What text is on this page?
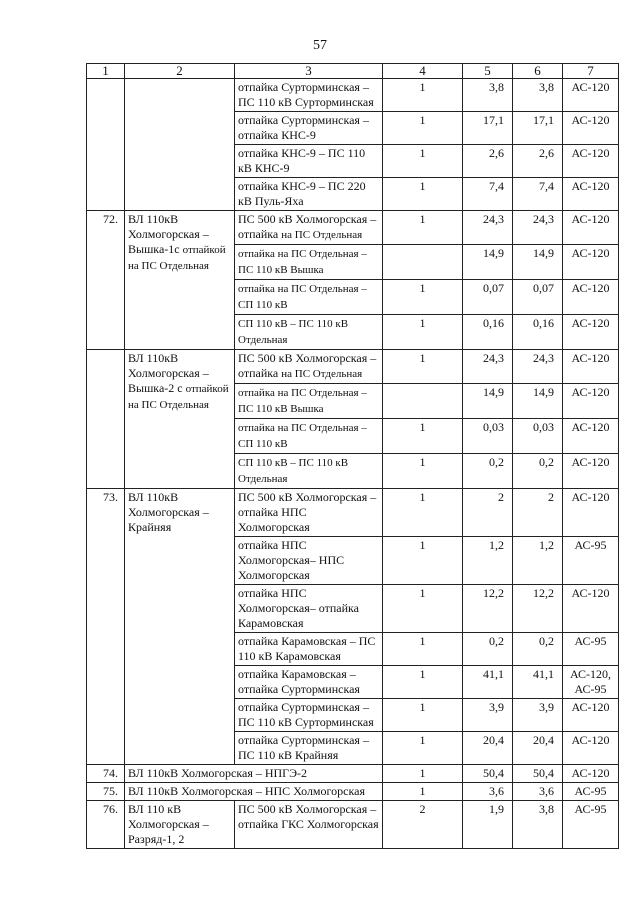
57
1	2	3	4	5	6	7
		отпайка Сурторминская – ПС 110 кВ Сурторминская	1	3,8	3,8	АС-120
		отпайка Сурторминская – отпайка КНС-9	1	17,1	17,1	АС-120
		отпайка КНС-9 – ПС 110 кВ КНС-9	1	2,6	2,6	АС-120
		отпайка КНС-9 – ПС 220 кВ Пуль-Яха	1	7,4	7,4	АС-120
72.	ВЛ 110кВ Холмогорская – Вышка-1с отпайкой на ПС Отдельная	ПС 500 кВ Холмогорская – отпайка на ПС Отдельная	1	24,3	24,3	АС-120
		отпайка на ПС Отдельная – ПС 110 кВ Вышка		14,9	14,9	АС-120
		отпайка на ПС Отдельная – СП 110 кВ	1	0,07	0,07	АС-120
		СП 110 кВ – ПС 110 кВ Отдельная	1	0,16	0,16	АС-120
	ВЛ 110кВ Холмогорская – Вышка-2 с отпайкой на ПС Отдельная	ПС 500 кВ Холмогорская – отпайка на ПС Отдельная	1	24,3	24,3	АС-120
		отпайка на ПС Отдельная – ПС 110 кВ Вышка		14,9	14,9	АС-120
		отпайка на ПС Отдельная – СП 110 кВ	1	0,03	0,03	АС-120
		СП 110 кВ – ПС 110 кВ Отдельная	1	0,2	0,2	АС-120
73.	ВЛ 110кВ Холмогорская – Крайняя	ПС 500 кВ Холмогорская – отпайка НПС Холмогорская	1	2	2	АС-120
		отпайка НПС Холмогорская– НПС Холмогорская	1	1,2	1,2	АС-95
		отпайка НПС Холмогорская– отпайка Карамовская	1	12,2	12,2	АС-120
		отпайка Карамовская – ПС 110 кВ Карамовская	1	0,2	0,2	АС-95
		отпайка Карамовская – отпайка Сурторминская	1	41,1	41,1	АС-120, АС-95
		отпайка Сурторминская – ПС 110 кВ Сурторминская	1	3,9	3,9	АС-120
		отпайка Сурторминская – ПС 110 кВ Крайняя	1	20,4	20,4	АС-120
74.	ВЛ 110кВ Холмогорская – НПГЭ-2		1	50,4	50,4	АС-120
75.	ВЛ 110кВ Холмогорская – НПС Холмогорская		1	3,6	3,6	АС-95
76.	ВЛ 110 кВ Холмогорская – Разряд-1, 2	ПС 500 кВ Холмогорская – отпайка ГКС Холмогорская	2	1,9	3,8	АС-95
